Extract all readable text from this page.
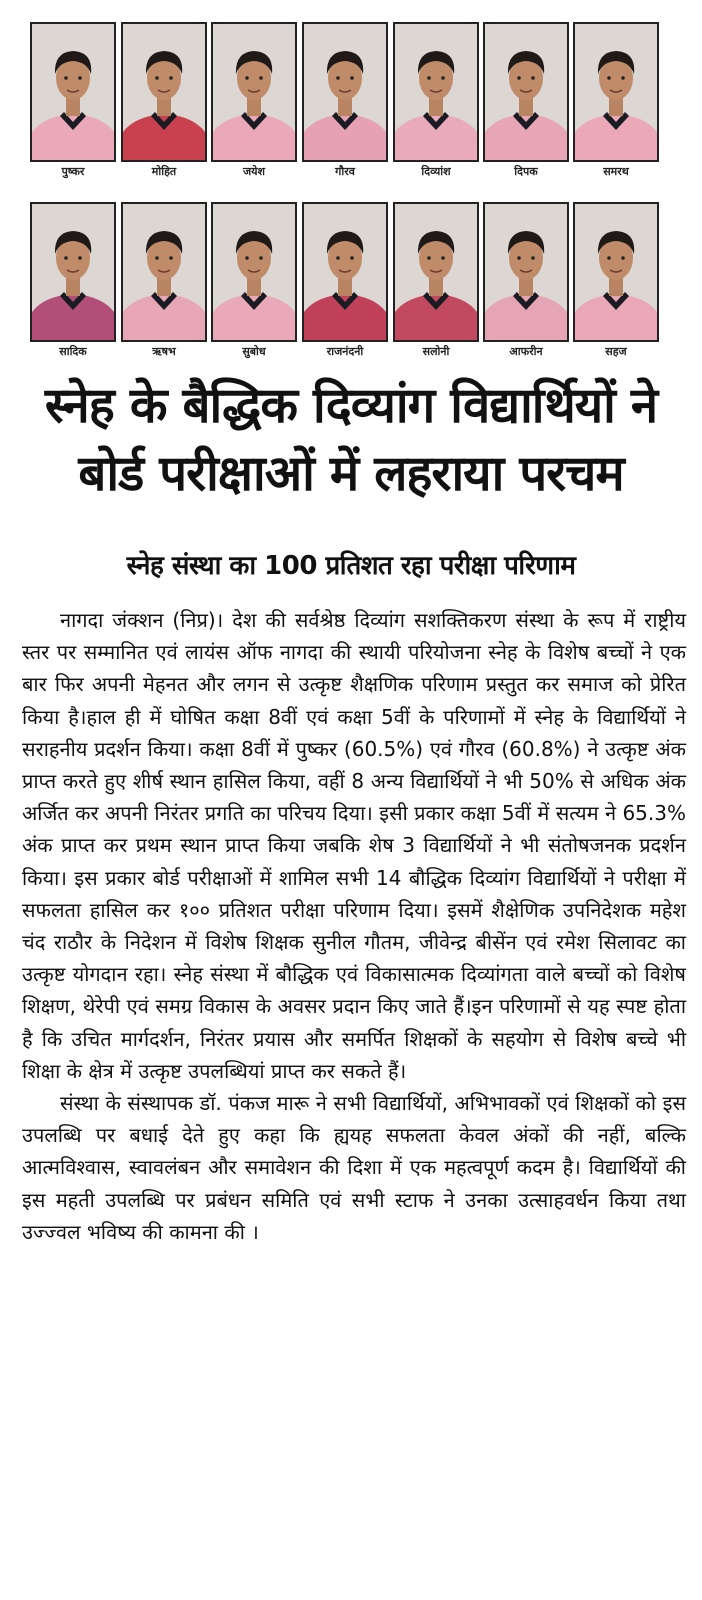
पुष्कर	मोहित	जयेश	गौरव	दिव्यांश	दिपक	समरथ
सादिक	ऋषभ	सुबोध	राजनंदनी	सलोनी	आफरीन	सहज
स्नेह के बैद्धिक दिव्यांग विद्यार्थियों ने
बोर्ड परीक्षाओं में लहराया परचम
स्नेह संस्था का 100 प्रतिशत रहा परीक्षा परिणाम

नागदा जंक्शन (निप्र)। देश की सर्वश्रेष्ठ दिव्यांग सशक्तिकरण संस्था के रूप में राष्ट्रीय स्तर पर सम्मानित एवं लायंस ऑफ नागदा की स्थायी परियोजना स्नेह के विशेष बच्चों ने एक बार फिर अपनी मेहनत और लगन से उत्कृष्ट शैक्षणिक परिणाम प्रस्तुत कर समाज को प्रेरित किया है।हाल ही में घोषित कक्षा 8वीं एवं कक्षा 5वीं के परिणामों में स्नेह के विद्यार्थियों ने सराहनीय प्रदर्शन किया। कक्षा 8वीं में पुष्कर (60.5%) एवं गौरव (60.8%) ने उत्कृष्ट अंक प्राप्त करते हुए शीर्ष स्थान हासिल किया, वहीं 8 अन्य विद्यार्थियों ने भी 50% से अधिक अंक अर्जित कर अपनी निरंतर प्रगति का परिचय दिया। इसी प्रकार कक्षा 5वीं में सत्यम ने 65.3% अंक प्राप्त कर प्रथम स्थान प्राप्त किया जबकि शेष 3 विद्यार्थियों ने भी संतोषजनक प्रदर्शन किया। इस प्रकार बोर्ड परीक्षाओं में शामिल सभी 14 बौद्धिक दिव्यांग विद्यार्थियों ने परीक्षा में सफलता हासिल कर १०० प्रतिशत परीक्षा परिणाम दिया। इसमें शैक्षेणिक उपनिदेशक महेश चंद राठौर के निदेशन में विशेष शिक्षक सुनील गौतम, जीवेन्द्र बीसेंन एवं रमेश सिलावट का उत्कृष्ट योगदान रहा। स्नेह संस्था में बौद्धिक एवं विकासात्मक दिव्यांगता वाले बच्चों को विशेष शिक्षण, थेरेपी एवं समग्र विकास के अवसर प्रदान किए जाते हैं।इन परिणामों से यह स्पष्ट होता है कि उचित मार्गदर्शन, निरंतर प्रयास और समर्पित शिक्षकों के सहयोग से विशेष बच्चे भी शिक्षा के क्षेत्र में उत्कृष्ट उपलब्धियां प्राप्त कर सकते हैं।

संस्था के संस्थापक डॉ. पंकज मारू ने सभी विद्यार्थियों, अभिभावकों एवं शिक्षकों को इस उपलब्धि पर बधाई देते हुए कहा कि ह्ययह सफलता केवल अंकों की नहीं, बल्कि आत्मविश्वास, स्वावलंबन और समावेशन की दिशा में एक महत्वपूर्ण कदम है। विद्यार्थियों की इस महती उपलब्धि पर प्रबंधन समिति एवं सभी स्टाफ ने उनका उत्साहवर्धन किया तथा उज्ज्वल भविष्य की कामना की ।
